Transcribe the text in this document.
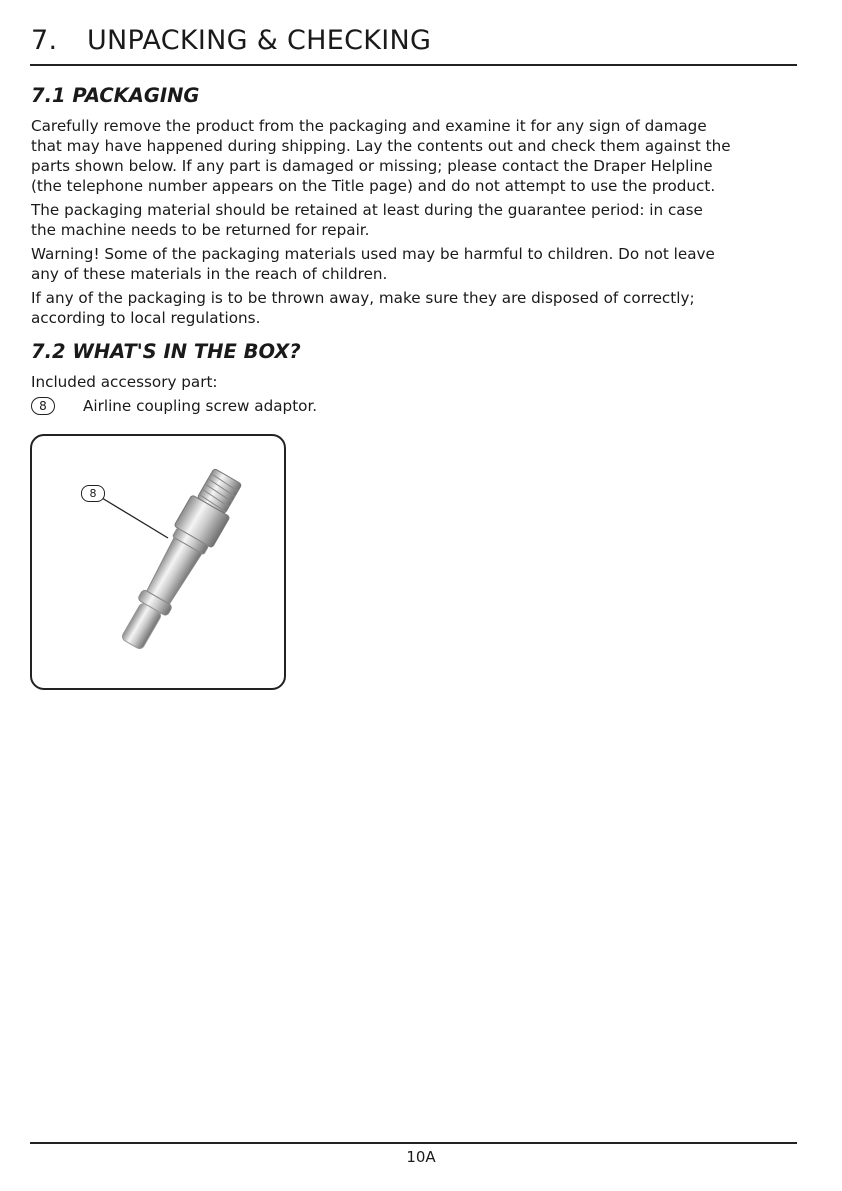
7. UNPACKING & CHECKING
7.1 PACKAGING

Carefully remove the product from the packaging and examine it for any sign of damage
that may have happened during shipping. Lay the contents out and check them against the
parts shown below. If any part is damaged or missing; please contact the Draper Helpline
(the telephone number appears on the Title page) and do not attempt to use the product.

The packaging material should be retained at least during the guarantee period: in case
the machine needs to be returned for repair.

Warning! Some of the packaging materials used may be harmful to children. Do not leave
any of these materials in the reach of children.

If any of the packaging is to be thrown away, make sure they are disposed of correctly;
according to local regulations.

7.2 WHAT'S IN THE BOX?

Included accessory part:

8 Airline coupling screw adaptor.

8

10A
